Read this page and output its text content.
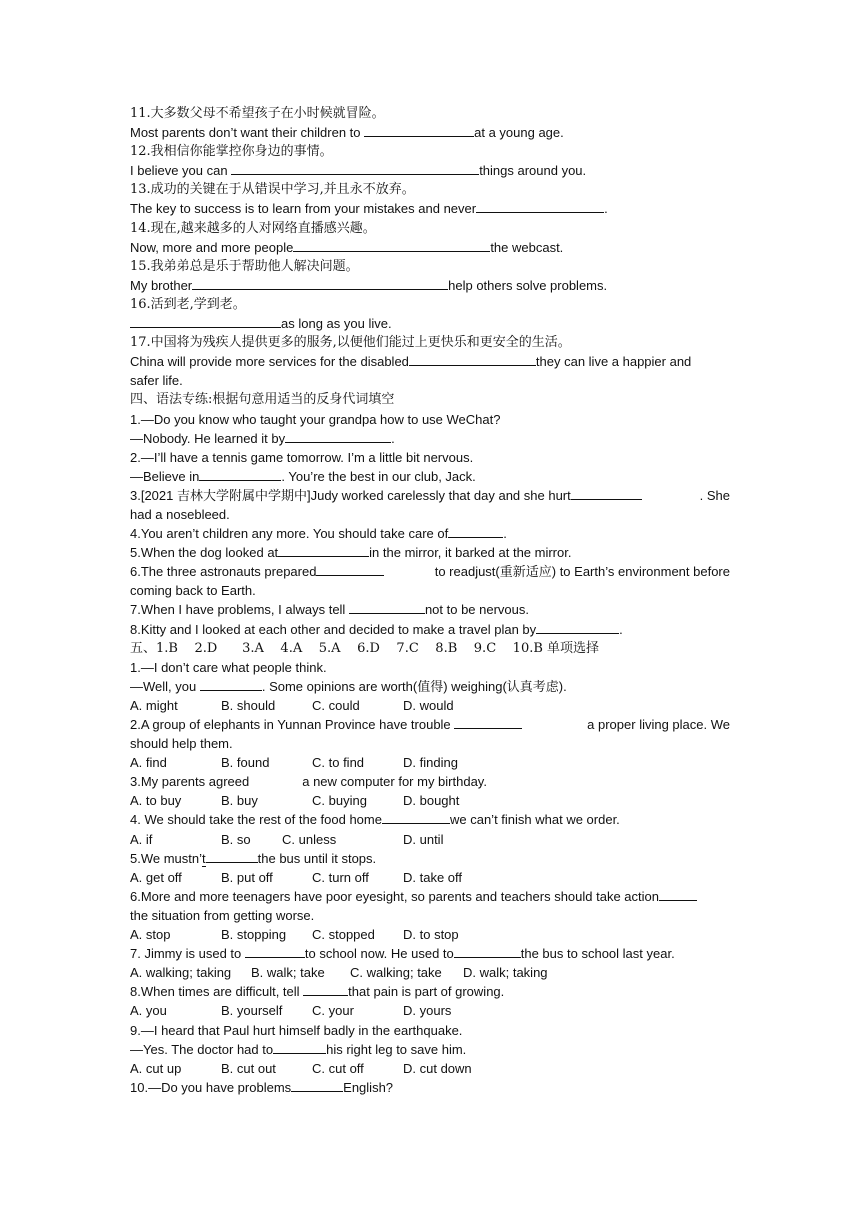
11.大多数父母不希望孩子在小时候就冒险。
Most parents don’t want their children to	at a young age.
12.我相信你能掌控你身边的事情。
I believe you can	things around you.
13.成功的关键在于从错误中学习,并且永不放弃。
The key to success is to learn from your mistakes and never	.
14.现在,越来越多的人对网络直播感兴趣。
Now, more and more people	the webcast.
15.我弟弟总是乐于帮助他人解决问题。
My brother	help others solve problems.
16.活到老,学到老。
as long as you live.
17.中国将为残疾人提供更多的服务,以便他们能过上更快乐和更安全的生活。
China will provide more services for the disabled	they can live a happier and
safer life.
四、语法专练:根据句意用适当的反身代词填空
1.—Do you know who taught your grandpa how to use WeChat?
—Nobody. He learned it by	.
2.—I’ll have a tennis game tomorrow. I’m a little bit nervous.
—Believe in	. You’re the best in our club, Jack.
3.[2021 吉林大学附属中学期中]Judy worked carelessly that day and she hurt	. She
had a nosebleed.
4.You aren’t children any more. You should take care of	.
5.When the dog looked at	in the mirror, it barked at the mirror.
6.The three astronauts prepared	to readjust(重新适应) to Earth’s environment before
coming back to Earth.
7.When I have problems, I always tell	not to be nervous.
8.Kitty and I looked at each other and decided to make a travel plan by	.
五、1.B    2.D      3.A    4.A    5.A    6.D    7.C    8.B    9.C    10.B 单项选择
1.—I don’t care what people think.
—Well, you	. Some opinions are worth(值得) weighing(认真考虑).
A. might	B. should	C. could	D. would
2.A group of elephants in Yunnan Province have trouble	a proper living place. We
should help them.
A. find	B. found	C. to find	D. finding
3.My parents agreed	a new computer for my birthday.
A. to buy	B. buy	C. buying	D. bought
4. We should take the rest of the food home	we can’t finish what we order.
A. if	B. so C. unless	D. until
5.We mustn’t	the bus until it stops.
A. get off	B. put off	C. turn off	D. take off
6.More and more teenagers have poor eyesight, so parents and teachers should take action
the situation from getting worse.
A. stop	B. stopping C. stopped D. to stop
7. Jimmy is used to	to school now. He used to	the bus to school last year.
A. walking; taking B. walk; take C. walking; take D. walk; taking
8.When times are difficult, tell	that pain is part of growing.
A. you	B. yourself C. your	D. yours
9.—I heard that Paul hurt himself badly in the earthquake.
—Yes. The doctor had to	his right leg to save him.
A. cut up	B. cut out	C. cut off	D. cut down
10.—Do you have problems	English?
